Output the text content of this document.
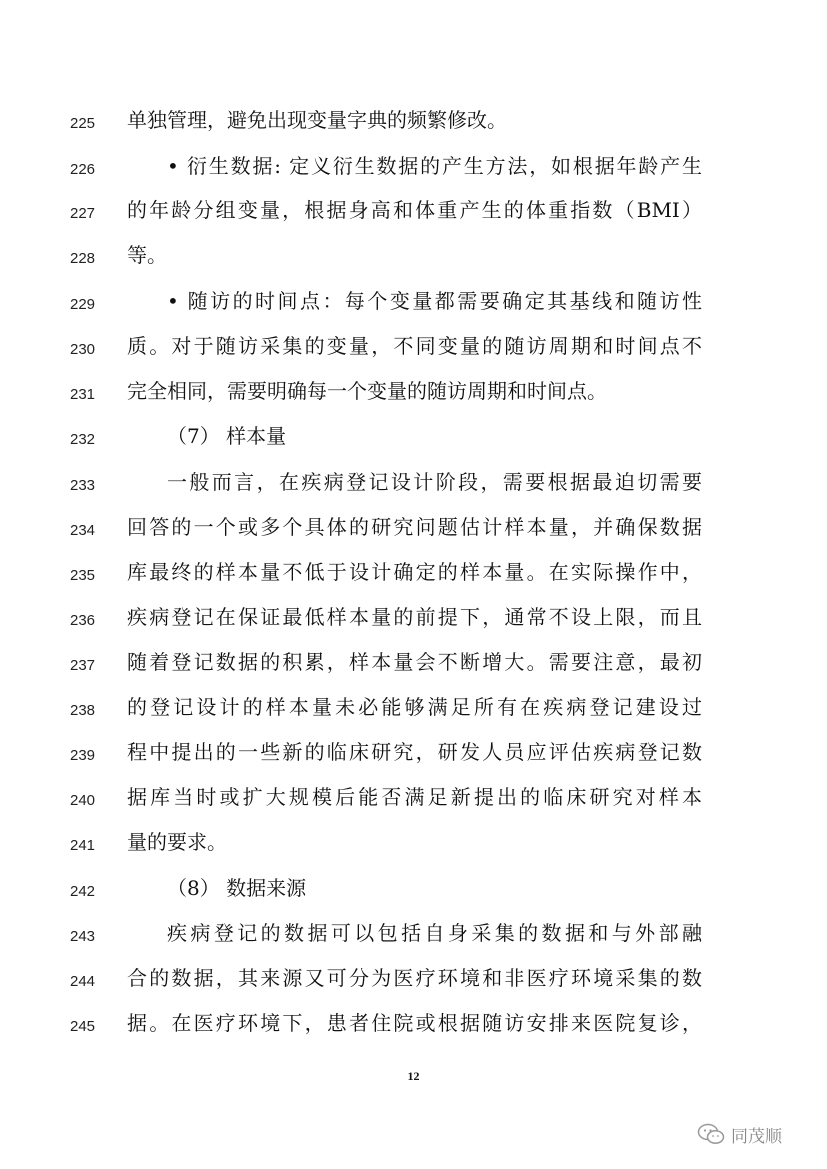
225	单独管理，避免出现变量字典的频繁修改。
226	• 衍生数据: 定义衍生数据的产生方法，如根据年龄产生
227	的年龄分组变量，根据身高和体重产生的体重指数（BMI）
228	等。
229	• 随访的时间点：每个变量都需要确定其基线和随访性
230	质。对于随访采集的变量，不同变量的随访周期和时间点不
231	完全相同，需要明确每一个变量的随访周期和时间点。
232	（7） 样本量
233	一般而言，在疾病登记设计阶段，需要根据最迫切需要
234	回答的一个或多个具体的研究问题估计样本量，并确保数据
235	库最终的样本量不低于设计确定的样本量。在实际操作中，
236	疾病登记在保证最低样本量的前提下，通常不设上限，而且
237	随着登记数据的积累，样本量会不断增大。需要注意，最初
238	的登记设计的样本量未必能够满足所有在疾病登记建设过
239	程中提出的一些新的临床研究，研发人员应评估疾病登记数
240	据库当时或扩大规模后能否满足新提出的临床研究对样本
241	量的要求。
242	（8） 数据来源
243	疾病登记的数据可以包括自身采集的数据和与外部融
244	合的数据，其来源又可分为医疗环境和非医疗环境采集的数
245	据。在医疗环境下，患者住院或根据随访安排来医院复诊，
12
同茂顺
